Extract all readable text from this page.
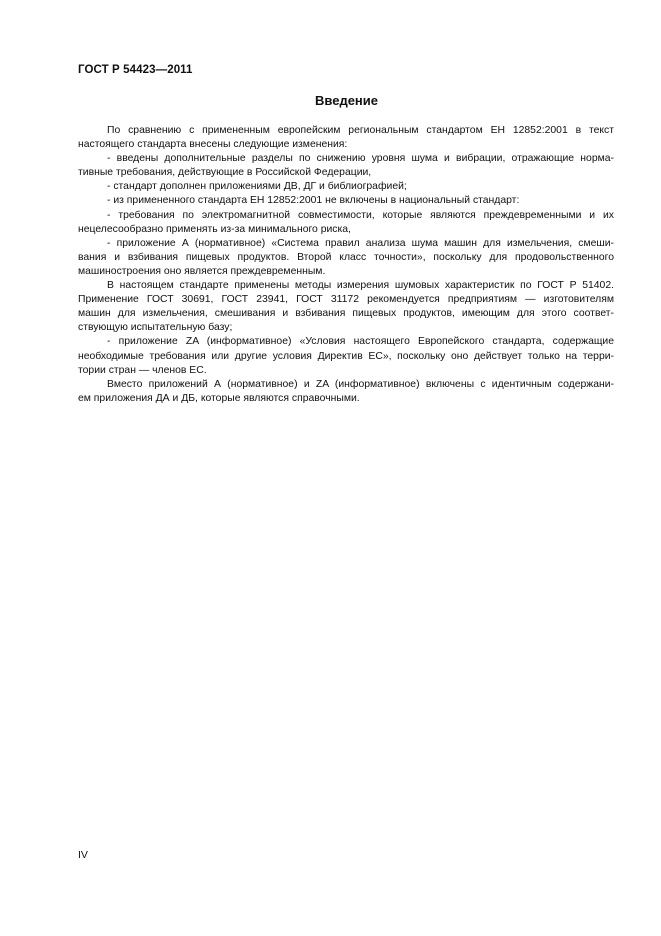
ГОСТ Р 54423—2011
Введение
По сравнению с примененным европейским региональным стандартом ЕН 12852:2001 в текст
настоящего стандарта внесены следующие изменения:
- введены дополнительные разделы по снижению уровня шума и вибрации, отражающие норма-
тивные требования, действующие в Российской Федерации,
- стандарт дополнен приложениями ДВ, ДГ и библиографией;
- из примененного стандарта ЕН 12852:2001 не включены в национальный стандарт:
- требования по электромагнитной совместимости, которые являются преждевременными и их
нецелесообразно применять из-за минимального риска,
- приложение А (нормативное) «Система правил анализа шума машин для измельчения, смеши-
вания и взбивания пищевых продуктов. Второй класс точности», поскольку для продовольственного
машиностроения оно является преждевременным.
В настоящем стандарте применены методы измерения шумовых характеристик по ГОСТ Р 51402.
Применение ГОСТ 30691, ГОСТ 23941, ГОСТ 31172 рекомендуется предприятиям — изготовителям
машин для измельчения, смешивания и взбивания пищевых продуктов, имеющим для этого соответ-
ствующую испытательную базу;
- приложение ZA (информативное) «Условия настоящего Европейского стандарта, содержащие
необходимые требования или другие условия Директив ЕС», поскольку оно действует только на терри-
тории стран — членов ЕС.
Вместо приложений А (нормативное) и ZA (информативное) включены с идентичным содержани-
ем приложения ДА и ДБ, которые являются справочными.
IV
